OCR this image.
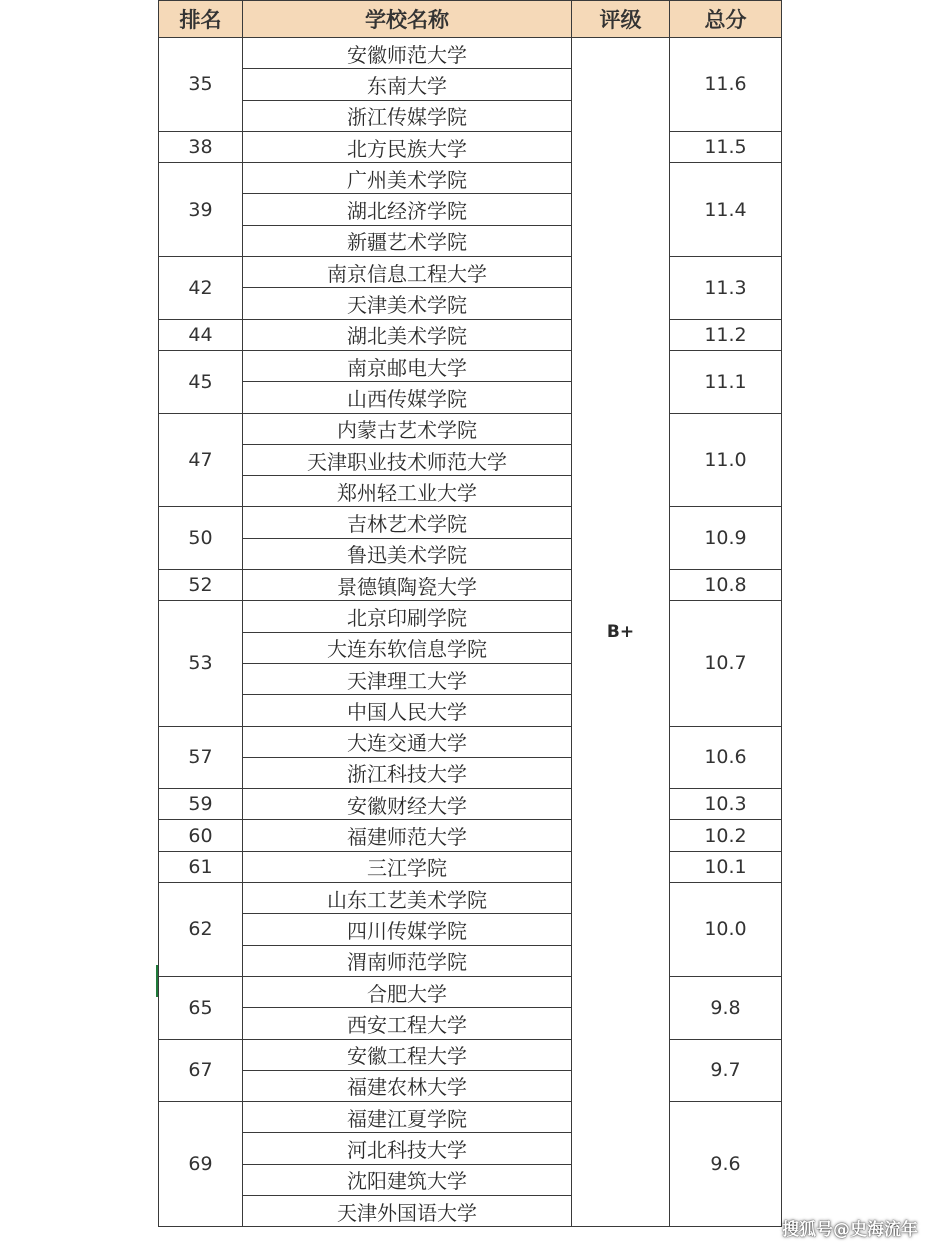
排名	学校名称	评级	总分
35	安徽师范大学	B+	11.6
	东南大学		
	浙江传媒学院		
38	北方民族大学		11.5
39	广州美术学院		11.4
	湖北经济学院		
	新疆艺术学院		
42	南京信息工程大学		11.3
	天津美术学院		
44	湖北美术学院		11.2
45	南京邮电大学		11.1
	山西传媒学院		
47	内蒙古艺术学院		11.0
	天津职业技术师范大学		
	郑州轻工业大学		
50	吉林艺术学院		10.9
	鲁迅美术学院		
52	景德镇陶瓷大学		10.8
53	北京印刷学院		10.7
	大连东软信息学院		
	天津理工大学		
	中国人民大学		
57	大连交通大学		10.6
	浙江科技大学		
59	安徽财经大学		10.3
60	福建师范大学		10.2
61	三江学院		10.1
62	山东工艺美术学院		10.0
	四川传媒学院		
	渭南师范学院		
65	合肥大学		9.8
	西安工程大学		
67	安徽工程大学		9.7
	福建农林大学		
69	福建江夏学院		9.6
	河北科技大学		
	沈阳建筑大学		
	天津外国语大学		
搜狐号@史海流年
